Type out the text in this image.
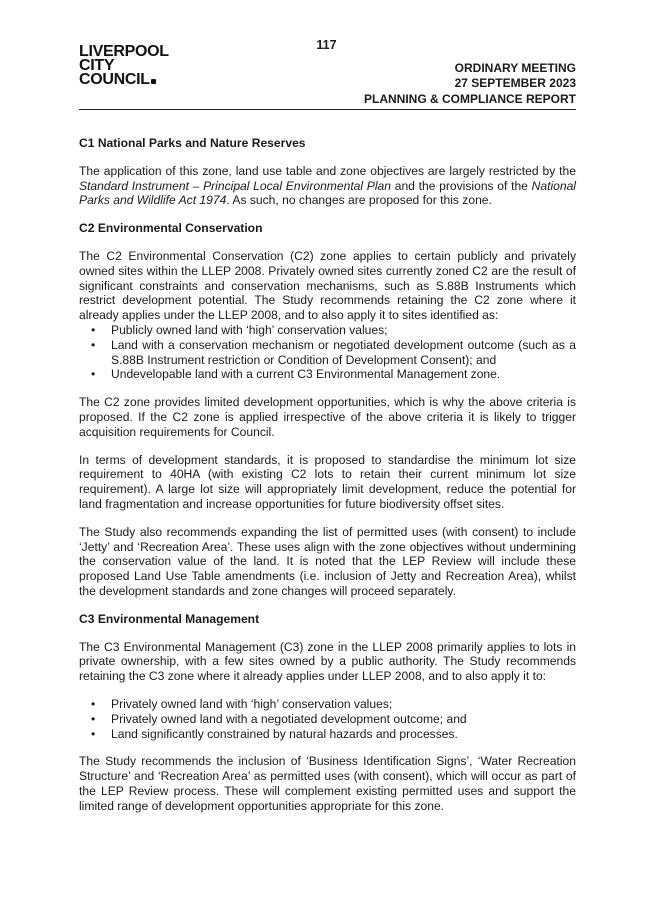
117
LIVERPOOL
CITY
COUNCIL
ORDINARY MEETING
27 SEPTEMBER 2023
PLANNING & COMPLIANCE REPORT
C1 National Parks and Nature Reserves

The application of this zone, land use table and zone objectives are largely restricted by the Standard Instrument – Principal Local Environmental Plan and the provisions of the National Parks and Wildlife Act 1974. As such, no changes are proposed for this zone.

C2 Environmental Conservation

The C2 Environmental Conservation (C2) zone applies to certain publicly and privately owned sites within the LLEP 2008. Privately owned sites currently zoned C2 are the result of significant constraints and conservation mechanisms, such as S.88B Instruments which restrict development potential. The Study recommends retaining the C2 zone where it already applies under the LLEP 2008, and to also apply it to sites identified as:

• Publicly owned land with ‘high’ conservation values;
• Land with a conservation mechanism or negotiated development outcome (such as a S.88B Instrument restriction or Condition of Development Consent); and
• Undevelopable land with a current C3 Environmental Management zone.

The C2 zone provides limited development opportunities, which is why the above criteria is proposed. If the C2 zone is applied irrespective of the above criteria it is likely to trigger acquisition requirements for Council.

In terms of development standards, it is proposed to standardise the minimum lot size requirement to 40HA (with existing C2 lots to retain their current minimum lot size requirement). A large lot size will appropriately limit development, reduce the potential for land fragmentation and increase opportunities for future biodiversity offset sites.

The Study also recommends expanding the list of permitted uses (with consent) to include ‘Jetty’ and ‘Recreation Area’. These uses align with the zone objectives without undermining the conservation value of the land. It is noted that the LEP Review will include these proposed Land Use Table amendments (i.e. inclusion of Jetty and Recreation Area), whilst the development standards and zone changes will proceed separately.

C3 Environmental Management

The C3 Environmental Management (C3) zone in the LLEP 2008 primarily applies to lots in private ownership, with a few sites owned by a public authority. The Study recommends retaining the C3 zone where it already applies under LLEP 2008, and to also apply it to:

• Privately owned land with ‘high’ conservation values;
• Privately owned land with a negotiated development outcome; and
• Land significantly constrained by natural hazards and processes.

The Study recommends the inclusion of ‘Business Identification Signs’, ‘Water Recreation Structure’ and ‘Recreation Area’ as permitted uses (with consent), which will occur as part of the LEP Review process. These will complement existing permitted uses and support the limited range of development opportunities appropriate for this zone.
